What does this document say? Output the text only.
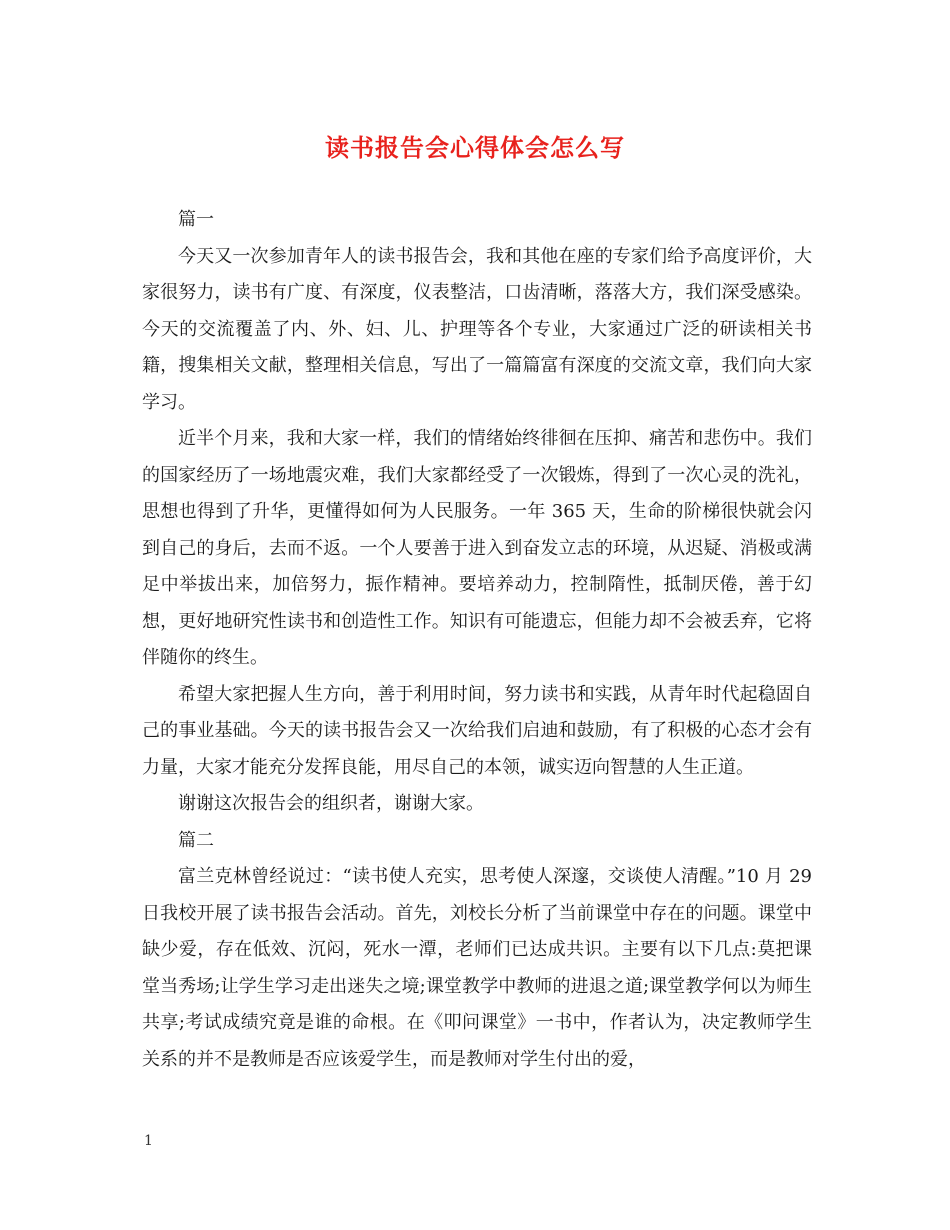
读书报告会心得体会怎么写

篇一

今天又一次参加青年人的读书报告会，我和其他在座的专家们给予高度评价，大家很努力，读书有广度、有深度，仪表整洁，口齿清晰，落落大方，我们深受感染。今天的交流覆盖了内、外、妇、儿、护理等各个专业，大家通过广泛的研读相关书籍，搜集相关文献，整理相关信息，写出了一篇篇富有深度的交流文章，我们向大家学习。

近半个月来，我和大家一样，我们的情绪始终徘徊在压抑、痛苦和悲伤中。我们的国家经历了一场地震灾难，我们大家都经受了一次锻炼，得到了一次心灵的洗礼，思想也得到了升华，更懂得如何为人民服务。一年 365 天，生命的阶梯很快就会闪到自己的身后，去而不返。一个人要善于进入到奋发立志的环境，从迟疑、消极或满足中举拔出来，加倍努力，振作精神。要培养动力，控制隋性，抵制厌倦，善于幻想，更好地研究性读书和创造性工作。知识有可能遗忘，但能力却不会被丢弃，它将伴随你的终生。

希望大家把握人生方向，善于利用时间，努力读书和实践，从青年时代起稳固自己的事业基础。今天的读书报告会又一次给我们启迪和鼓励，有了积极的心态才会有力量，大家才能充分发挥良能，用尽自己的本领，诚实迈向智慧的人生正道。

谢谢这次报告会的组织者，谢谢大家。

篇二

富兰克林曾经说过：“读书使人充实，思考使人深邃，交谈使人清醒。”10 月 29 日我校开展了读书报告会活动。首先，刘校长分析了当前课堂中存在的问题。课堂中缺少爱，存在低效、沉闷，死水一潭，老师们已达成共识。主要有以下几点:莫把课堂当秀场;让学生学习走出迷失之境;课堂教学中教师的进退之道;课堂教学何以为师生共享;考试成绩究竟是谁的命根。在《叩问课堂》一书中，作者认为，决定教师学生关系的并不是教师是否应该爱学生，而是教师对学生付出的爱，

1
